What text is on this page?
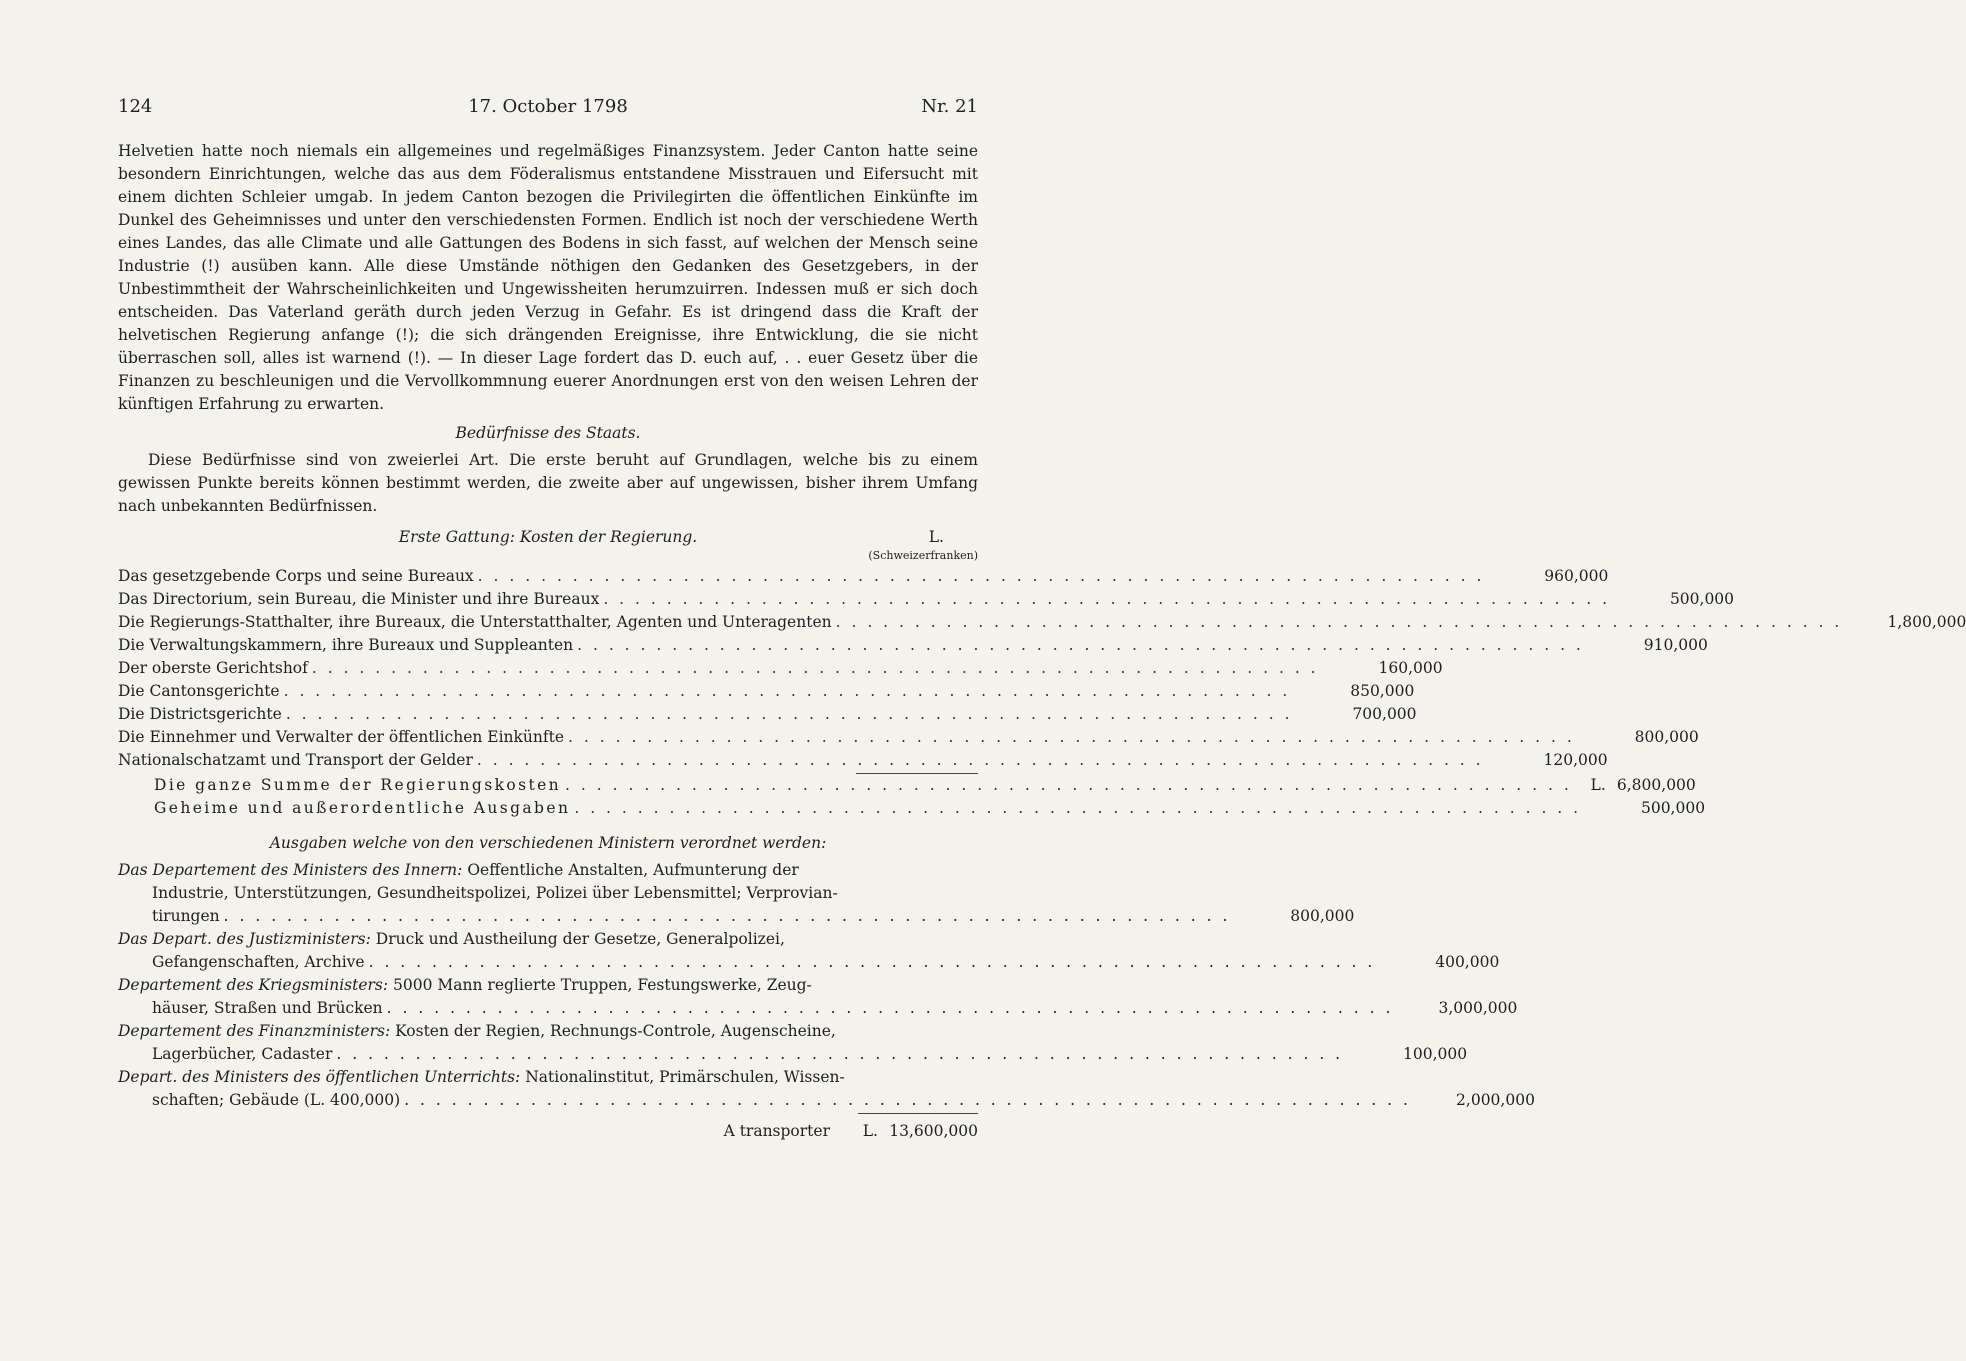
124	17. October 1798	Nr. 21

Helvetien hatte noch niemals ein allgemeines und regelmäßiges Finanzsystem. Jeder Canton hatte seine besondern Einrichtungen, welche das aus dem Föderalismus entstandene Misstrauen und Eifersucht mit einem dichten Schleier umgab. In jedem Canton bezogen die Privilegirten die öffentlichen Einkünfte im Dunkel des Geheimnisses und unter den verschiedensten Formen. Endlich ist noch der verschiedene Werth eines Landes, das alle Climate und alle Gattungen des Bodens in sich fasst, auf welchen der Mensch seine Industrie (!) ausüben kann. Alle diese Umstände nöthigen den Gedanken des Gesetzgebers, in der Unbestimmtheit der Wahrscheinlichkeiten und Ungewissheiten herumzuirren. Indessen muß er sich doch entscheiden. Das Vaterland geräth durch jeden Verzug in Gefahr. Es ist dringend dass die Kraft der helvetischen Regierung anfange (!); die sich drängenden Ereignisse, ihre Entwicklung, die sie nicht überraschen soll, alles ist warnend (!). — In dieser Lage fordert das D. euch auf, . . euer Gesetz über die Finanzen zu beschleunigen und die Vervollkommnung euerer Anordnungen erst von den weisen Lehren der künftigen Erfahrung zu erwarten.

Bedürfnisse des Staats.

Diese Bedürfnisse sind von zweierlei Art. Die erste beruht auf Grundlagen, welche bis zu einem gewissen Punkte bereits können bestimmt werden, die zweite aber auf ungewissen, bisher ihrem Umfang nach unbekannten Bedürfnissen.

Erste Gattung: Kosten der Regierung.	L.
(Schweizerfranken)
Das gesetzgebende Corps und seine Bureaux . . . . . . . . . . . . . . . . . . . . . . . . . . . . . . . . . . . . . . . . . . . . . . . . . . . . . . . . . . . . . . . .	960,000
Das Directorium, sein Bureau, die Minister und ihre Bureaux . . . . . . . . . . . . . . . . . . . . . . . . . . . . . . . . . . . . . . . . . . . . . . . . . . . . . . . . . . . . . . . .	500,000
Die Regierungs-Statthalter, ihre Bureaux, die Unterstatthalter, Agenten und Unteragenten . . . . . . . . . . . . . . . . . . . . . . . . . . . . . . . . . . . . . . . . . . . . . . . . . . . . . . . . . . . . . . . .	1,800,000
Die Verwaltungskammern, ihre Bureaux und Suppleanten . . . . . . . . . . . . . . . . . . . . . . . . . . . . . . . . . . . . . . . . . . . . . . . . . . . . . . . . . . . . . . . .	910,000
Der oberste Gerichtshof . . . . . . . . . . . . . . . . . . . . . . . . . . . . . . . . . . . . . . . . . . . . . . . . . . . . . . . . . . . . . . . .	160,000
Die Cantonsgerichte . . . . . . . . . . . . . . . . . . . . . . . . . . . . . . . . . . . . . . . . . . . . . . . . . . . . . . . . . . . . . . . .	850,000
Die Districtsgerichte . . . . . . . . . . . . . . . . . . . . . . . . . . . . . . . . . . . . . . . . . . . . . . . . . . . . . . . . . . . . . . . .	700,000
Die Einnehmer und Verwalter der öffentlichen Einkünfte . . . . . . . . . . . . . . . . . . . . . . . . . . . . . . . . . . . . . . . . . . . . . . . . . . . . . . . . . . . . . . . .	800,000
Nationalschatzamt und Transport der Gelder . . . . . . . . . . . . . . . . . . . . . . . . . . . . . . . . . . . . . . . . . . . . . . . . . . . . . . . . . . . . . . . .	120,000
Die ganze Summe der Regierungskosten . . . . . . . . . . . . . . . . . . . . . . . . . . . . . . . . . . . . . . . . . . . . . . . . . . . . . . . . . . . . . . . .	L. 6,800,000
Geheime und außerordentliche Ausgaben . . . . . . . . . . . . . . . . . . . . . . . . . . . . . . . . . . . . . . . . . . . . . . . . . . . . . . . . . . . . . . . .	500,000
Ausgaben welche von den verschiedenen Ministern verordnet werden:
Das Departement des Ministers des Innern: Oeffentliche Anstalten, Aufmunterung der
Industrie, Unterstützungen, Gesundheitspolizei, Polizei über Lebensmittel; Verprovian-
tirungen . . . . . . . . . . . . . . . . . . . . . . . . . . . . . . . . . . . . . . . . . . . . . . . . . . . . . . . . . . . . . . . .	800,000
Das Depart. des Justizministers: Druck und Austheilung der Gesetze, Generalpolizei,
Gefangenschaften, Archive . . . . . . . . . . . . . . . . . . . . . . . . . . . . . . . . . . . . . . . . . . . . . . . . . . . . . . . . . . . . . . . .	400,000
Departement des Kriegsministers: 5000 Mann reglierte Truppen, Festungswerke, Zeug-
häuser, Straßen und Brücken . . . . . . . . . . . . . . . . . . . . . . . . . . . . . . . . . . . . . . . . . . . . . . . . . . . . . . . . . . . . . . . .	3,000,000
Departement des Finanzministers: Kosten der Regien, Rechnungs-Controle, Augenscheine,
Lagerbücher, Cadaster . . . . . . . . . . . . . . . . . . . . . . . . . . . . . . . . . . . . . . . . . . . . . . . . . . . . . . . . . . . . . . . .	100,000
Depart. des Ministers des öffentlichen Unterrichts: Nationalinstitut, Primärschulen, Wissen-
schaften; Gebäude (L. 400,000) . . . . . . . . . . . . . . . . . . . . . . . . . . . . . . . . . . . . . . . . . . . . . . . . . . . . . . . . . . . . . . . .	2,000,000
A transporter	L. 13,600,000
